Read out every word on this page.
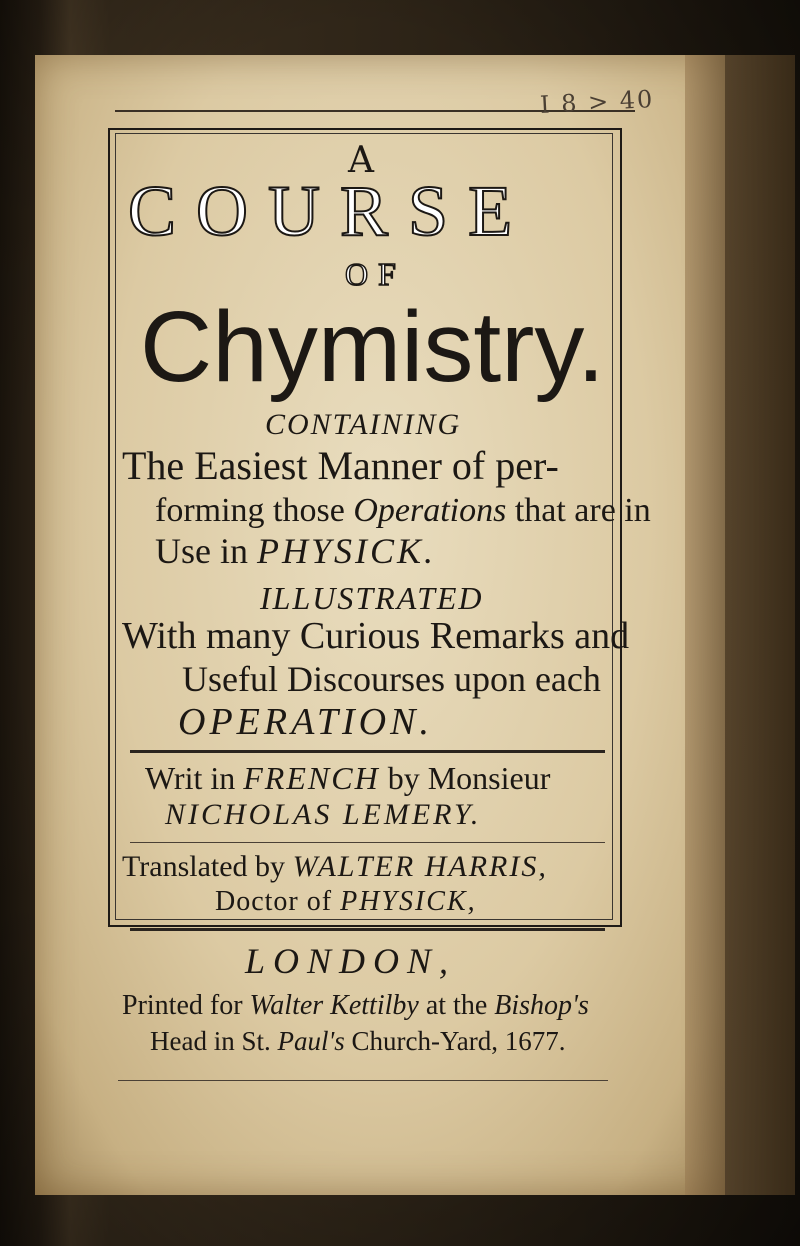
I 8 > 40
A
COURSE
OF
Chymistry.
CONTAINING
The Easiest Manner of per-
forming those Operations that are in
Use in PHYSICK.
ILLUSTRATED
With many Curious Remarks and
Useful Discourses upon each
OPERATION.
Writ in FRENCH by Monsieur
NICHOLAS LEMERY.
Translated by WALTER HARRIS,
Doctor of PHYSICK,
LONDON,
Printed for Walter Kettilby at the Bishop's
Head in St. Paul's Church-Yard, 1677.
